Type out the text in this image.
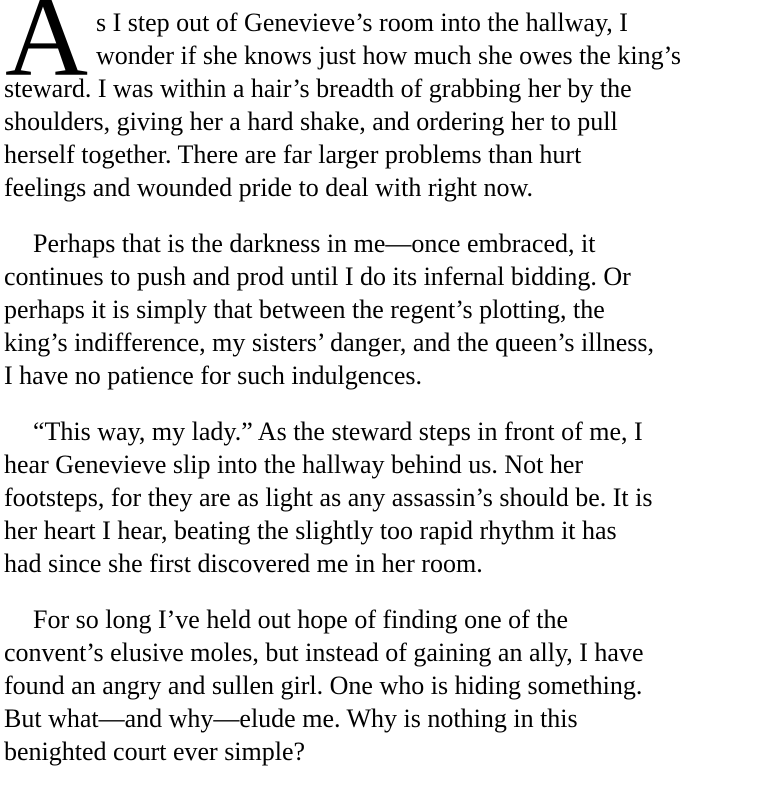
A s I step out of Genevieve’s room into the hallway, I
wonder if she knows just how much she owes the king’s
steward. I was within a hair’s breadth of grabbing her by the
shoulders, giving her a hard shake, and ordering her to pull
herself together. There are far larger problems than hurt
feelings and wounded pride to deal with right now.
Perhaps that is the darkness in me—once embraced, it
continues to push and prod until I do its infernal bidding. Or
perhaps it is simply that between the regent’s plotting, the
king’s indifference, my sisters’ danger, and the queen’s illness,
I have no patience for such indulgences.
“This way, my lady.” As the steward steps in front of me, I
hear Genevieve slip into the hallway behind us. Not her
footsteps, for they are as light as any assassin’s should be. It is
her heart I hear, beating the slightly too rapid rhythm it has
had since she first discovered me in her room.
For so long I’ve held out hope of finding one of the
convent’s elusive moles, but instead of gaining an ally, I have
found an angry and sullen girl. One who is hiding something.
But what—and why—elude me. Why is nothing in this
benighted court ever simple?
